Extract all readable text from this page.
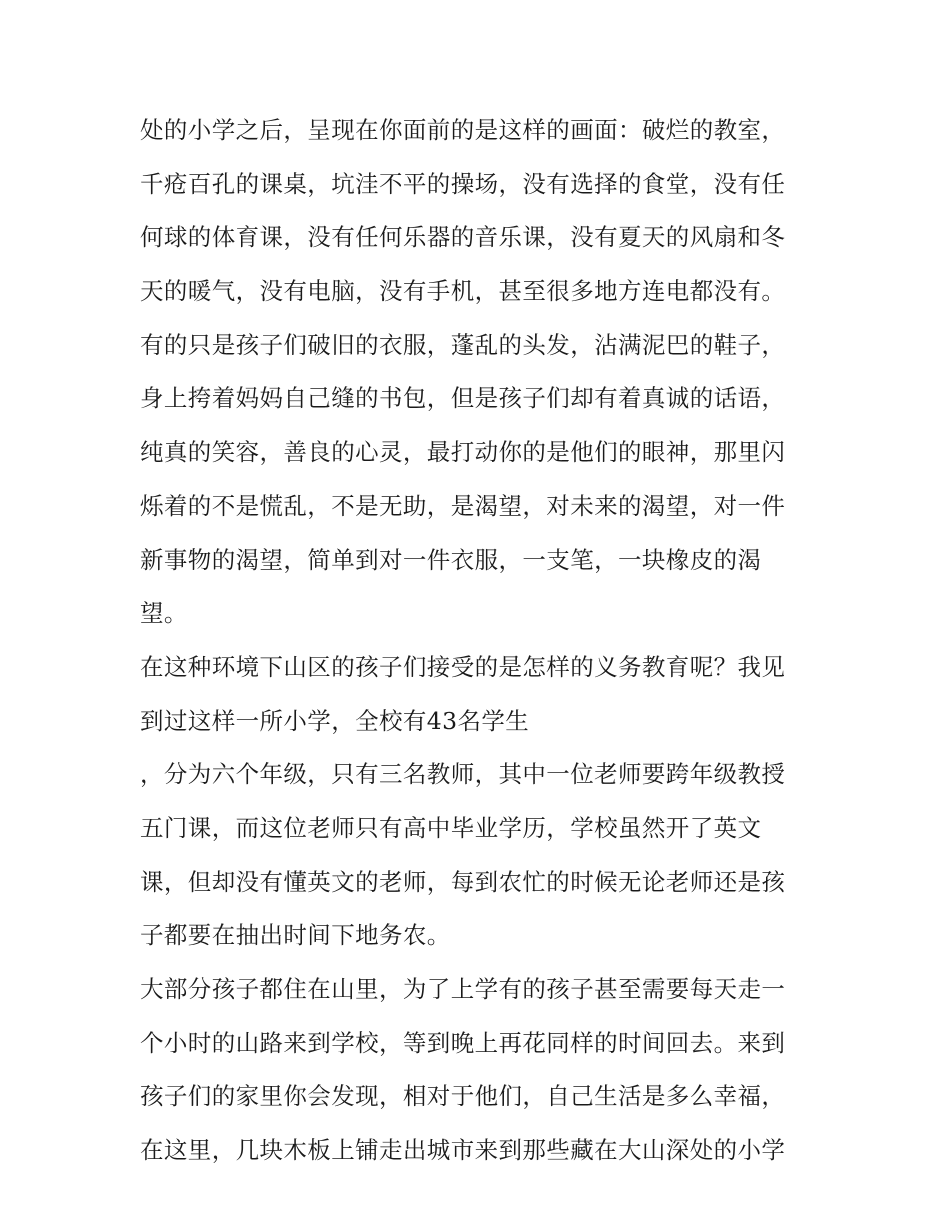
处的小学之后，呈现在你面前的是这样的画面：破烂的教室，
千疮百孔的课桌，坑洼不平的操场，没有选择的食堂，没有任
何球的体育课，没有任何乐器的音乐课，没有夏天的风扇和冬
天的暖气，没有电脑，没有手机，甚至很多地方连电都没有。
有的只是孩子们破旧的衣服，蓬乱的头发，沾满泥巴的鞋子，
身上挎着妈妈自己缝的书包，但是孩子们却有着真诚的话语，
纯真的笑容，善良的心灵，最打动你的是他们的眼神，那里闪
烁着的不是慌乱，不是无助，是渴望，对未来的渴望，对一件
新事物的渴望，简单到对一件衣服，一支笔，一块橡皮的渴
望。
在这种环境下山区的孩子们接受的是怎样的义务教育呢？我见
到过这样一所小学，全校有43名学生
，分为六个年级，只有三名教师，其中一位老师要跨年级教授
五门课，而这位老师只有高中毕业学历，学校虽然开了英文
课，但却没有懂英文的老师，每到农忙的时候无论老师还是孩
子都要在抽出时间下地务农。
大部分孩子都住在山里，为了上学有的孩子甚至需要每天走一
个小时的山路来到学校，等到晚上再花同样的时间回去。来到
孩子们的家里你会发现，相对于他们，自己生活是多么幸福，
在这里，几块木板上铺走出城市来到那些藏在大山深处的小学
